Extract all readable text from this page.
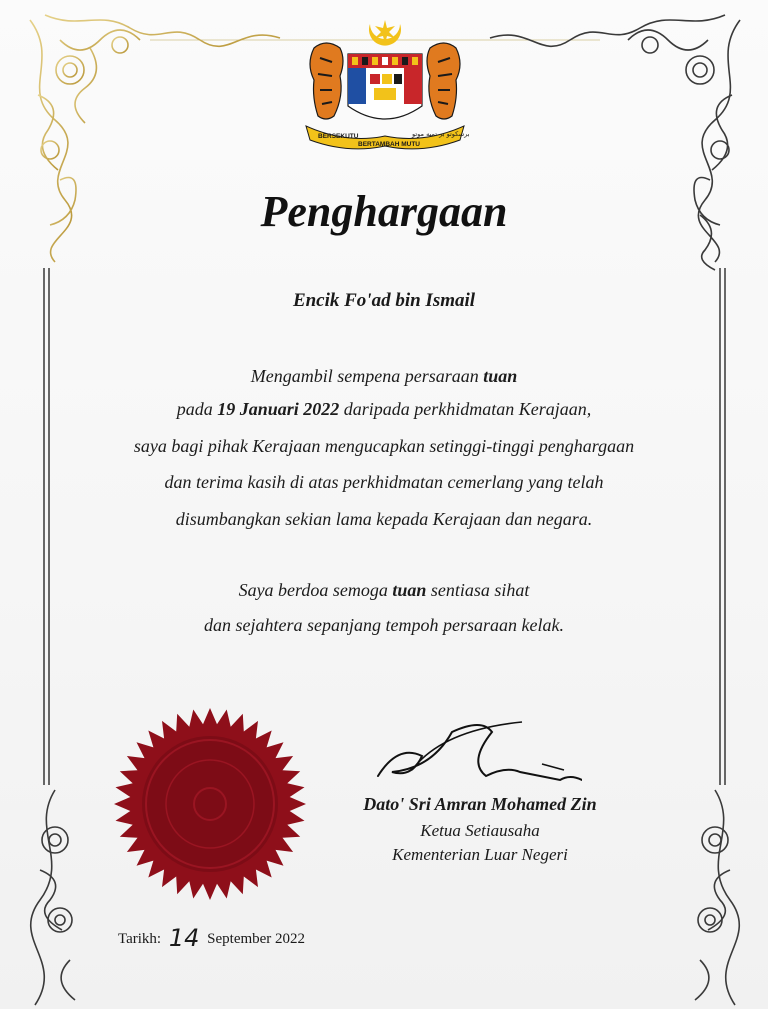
BERSEKUTU
BERTAMBAH MUTU
برسکوتو بر تمبه موتو
Penghargaan
Encik Fo'ad bin Ismail
Mengambil sempena persaraan tuan
pada 19 Januari 2022 daripada perkhidmatan Kerajaan,
saya bagi pihak Kerajaan mengucapkan setinggi-tinggi penghargaan
dan terima kasih di atas perkhidmatan cemerlang yang telah
disumbangkan sekian lama kepada Kerajaan dan negara.
Saya berdoa semoga tuan sentiasa sihat
dan sejahtera sepanjang tempoh persaraan kelak.
Dato' Sri Amran Mohamed Zin
Ketua Setiausaha
Kementerian Luar Negeri
Tarikh: 14 September 2022
